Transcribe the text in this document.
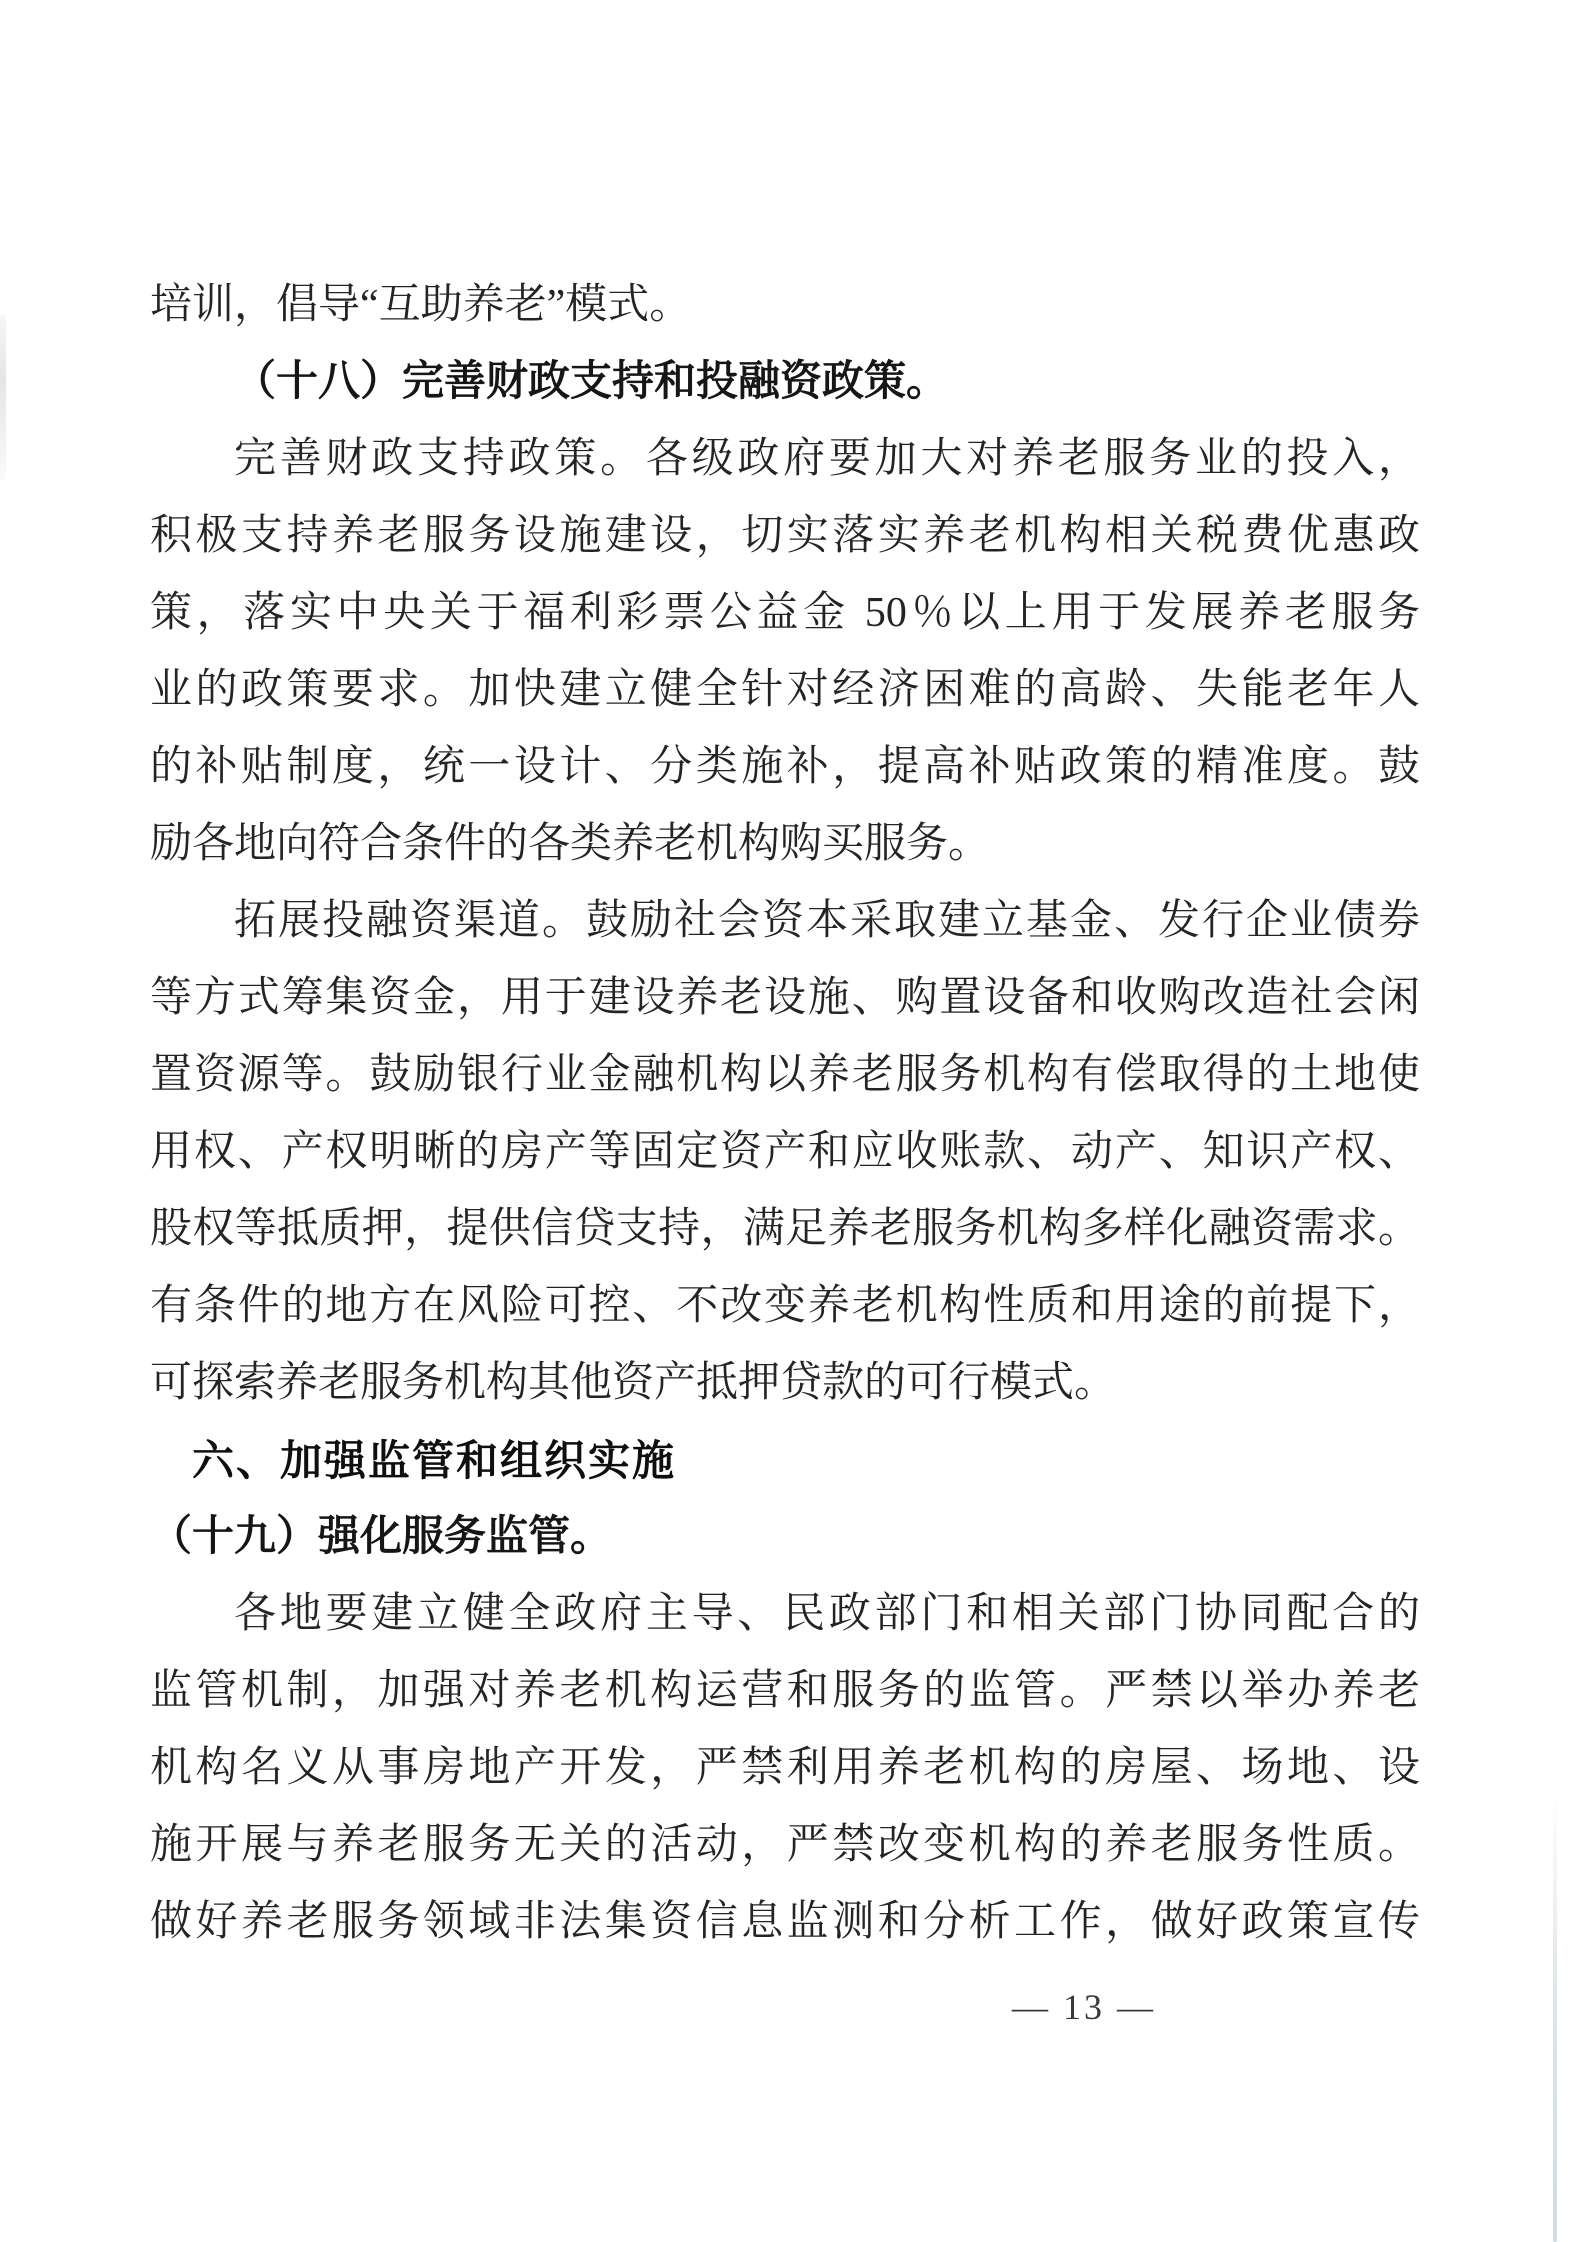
培训，倡导“互助养老”模式。
（十八）完善财政支持和投融资政策。
完善财政支持政策。各级政府要加大对养老服务业的投入，
积极支持养老服务设施建设，切实落实养老机构相关税费优惠政
策，落实中央关于福利彩票公益金 50％以上用于发展养老服务
业的政策要求。加快建立健全针对经济困难的高龄、失能老年人
的补贴制度，统一设计、分类施补，提高补贴政策的精准度。鼓
励各地向符合条件的各类养老机构购买服务。
拓展投融资渠道。鼓励社会资本采取建立基金、发行企业债券
等方式筹集资金，用于建设养老设施、购置设备和收购改造社会闲
置资源等。鼓励银行业金融机构以养老服务机构有偿取得的土地使
用权、产权明晰的房产等固定资产和应收账款、动产、知识产权、
股权等抵质押，提供信贷支持，满足养老服务机构多样化融资需求。
有条件的地方在风险可控、不改变养老机构性质和用途的前提下，
可探索养老服务机构其他资产抵押贷款的可行模式。
六、加强监管和组织实施
（十九）强化服务监管。
各地要建立健全政府主导、民政部门和相关部门协同配合的
监管机制，加强对养老机构运营和服务的监管。严禁以举办养老
机构名义从事房地产开发，严禁利用养老机构的房屋、场地、设
施开展与养老服务无关的活动，严禁改变机构的养老服务性质。
做好养老服务领域非法集资信息监测和分析工作，做好政策宣传
— 13 —
